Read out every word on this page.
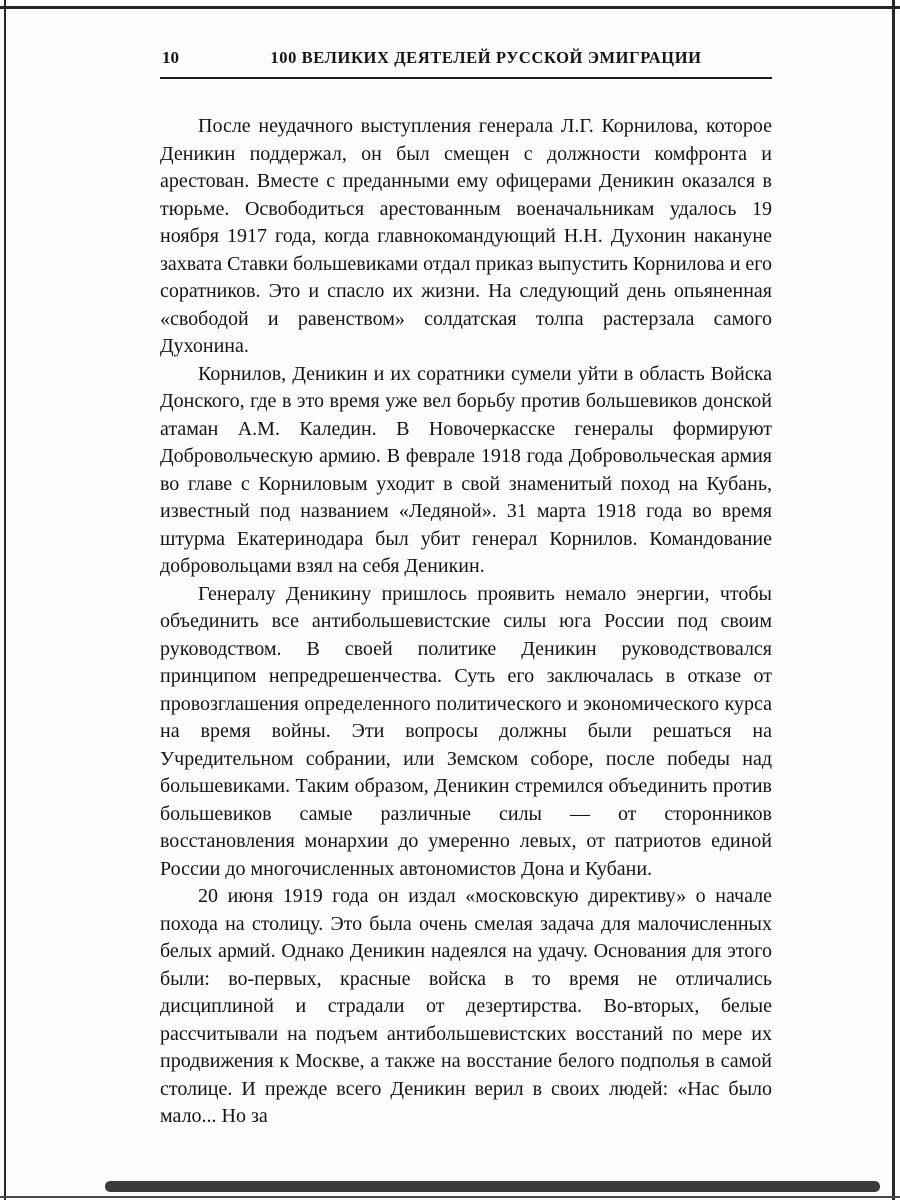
10	100 ВЕЛИКИХ ДЕЯТЕЛЕЙ РУССКОЙ ЭМИГРАЦИИ

После неудачного выступления генерала Л.Г. Корнилова, которое Деникин поддержал, он был смещен с должности комфронта и арестован. Вместе с преданными ему офицерами Деникин оказался в тюрьме. Освободиться арестованным военачальникам удалось 19 ноября 1917 года, когда главнокомандующий Н.Н. Духонин накануне захвата Ставки большевиками отдал приказ выпустить Корнилова и его соратников. Это и спасло их жизни. На следующий день опьяненная «свободой и равенством» солдатская толпа растерзала самого Духонина.

Корнилов, Деникин и их соратники сумели уйти в область Войска Донского, где в это время уже вел борьбу против большевиков донской атаман А.М. Каледин. В Новочеркасске генералы формируют Добровольческую армию. В феврале 1918 года Добровольческая армия во главе с Корниловым уходит в свой знаменитый поход на Кубань, известный под названием «Ледяной». 31 марта 1918 года во время штурма Екатеринодара был убит генерал Корнилов. Командование добровольцами взял на себя Деникин.

Генералу Деникину пришлось проявить немало энергии, чтобы объединить все антибольшевистские силы юга России под своим руководством. В своей политике Деникин руководствовался принципом непредрешенчества. Суть его заключалась в отказе от провозглашения определенного политического и экономического курса на время войны. Эти вопросы должны были решаться на Учредительном собрании, или Земском соборе, после победы над большевиками. Таким образом, Деникин стремился объединить против большевиков самые различные силы — от сторонников восстановления монархии до умеренно левых, от патриотов единой России до многочисленных автономистов Дона и Кубани.

20 июня 1919 года он издал «московскую директиву» о начале похода на столицу. Это была очень смелая задача для малочисленных белых армий. Однако Деникин надеялся на удачу. Основания для этого были: во-первых, красные войска в то время не отличались дисциплиной и страдали от дезертирства. Во-вторых, белые рассчитывали на подъем антибольшевистских восстаний по мере их продвижения к Москве, а также на восстание белого подполья в самой столице. И прежде всего Деникин верил в своих людей: «Нас было мало... Но за
